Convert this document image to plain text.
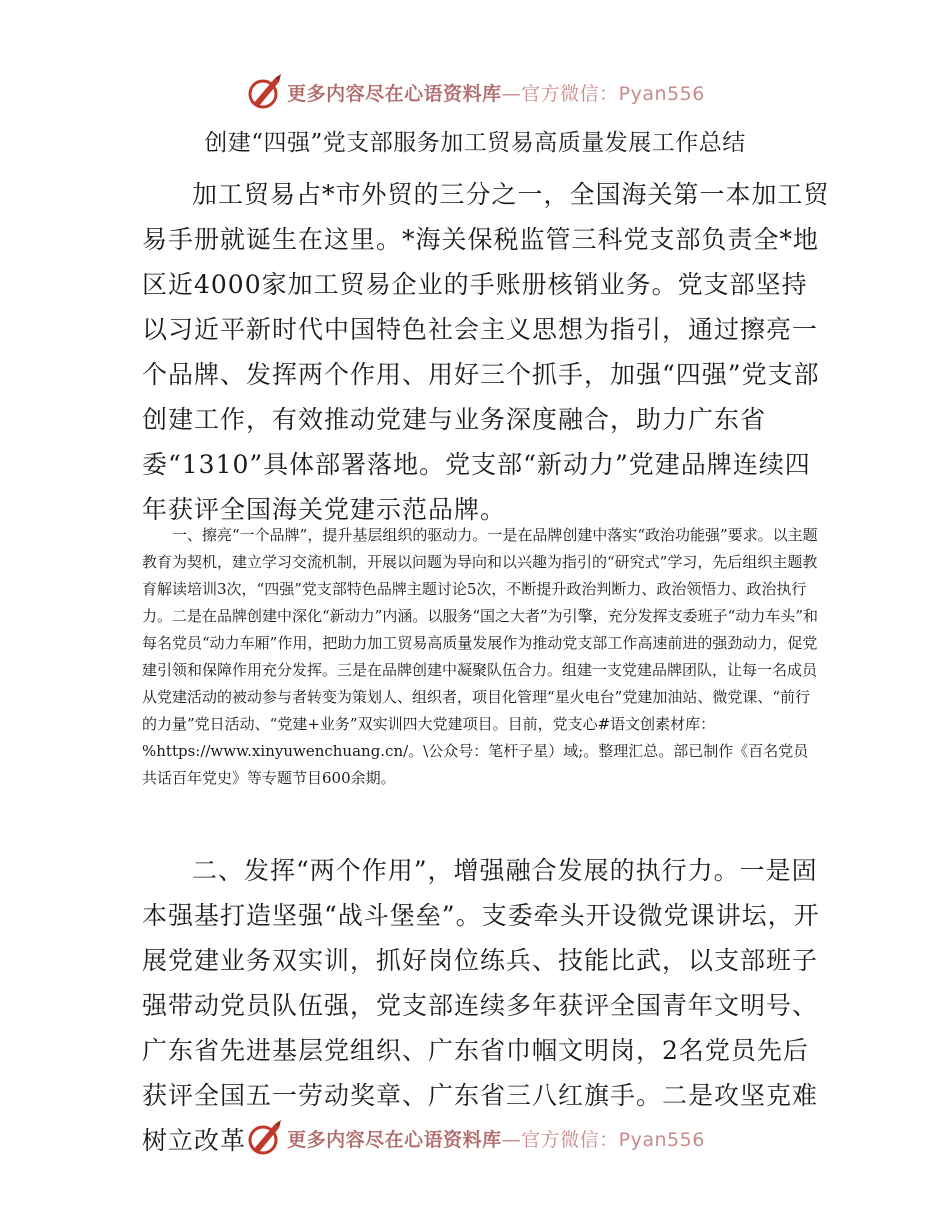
更多内容尽在心语资料库 —官方微信：Pyan556
创建“四强”党支部服务加工贸易高质量发展工作总结

加工贸易占*市外贸的三分之一，全国海关第一本加工贸易手册就诞生在这里。*海关保税监管三科党支部负责全*地区近4000家加工贸易企业的手账册核销业务。党支部坚持以习近平新时代中国特色社会主义思想为指引，通过擦亮一个品牌、发挥两个作用、用好三个抓手，加强“四强”党支部创建工作，有效推动党建与业务深度融合，助力广东省委“1310”具体部署落地。党支部“新动力”党建品牌连续四年获评全国海关党建示范品牌。

一、擦亮“一个品牌”，提升基层组织的驱动力。一是在品牌创建中落实“政治功能强”要求。以主题教育为契机，建立学习交流机制，开展以问题为导向和以兴趣为指引的“研究式”学习，先后组织主题教育解读培训3次，“四强”党支部特色品牌主题讨论5次，不断提升政治判断力、政治领悟力、政治执行力。二是在品牌创建中深化“新动力”内涵。以服务“国之大者”为引擎，充分发挥支委班子“动力车头”和每名党员“动力车厢”作用，把助力加工贸易高质量发展作为推动党支部工作高速前进的强劲动力，促党建引领和保障作用充分发挥。三是在品牌创建中凝聚队伍合力。组建一支党建品牌团队，让每一名成员从党建活动的被动参与者转变为策划人、组织者，项目化管理“星火电台”党建加油站、微党课、“前行的力量”党日活动、“党建+业务”双实训四大党建项目。目前，党支心#语文创素材库：%https://www.xinyuwenchuang.cn/。\公众号：笔杆子星）域;。整理汇总。部已制作《百名党员共话百年党史》等专题节目600余期。

二、发挥“两个作用”，增强融合发展的执行力。一是固本强基打造坚强“战斗堡垒”。支委牵头开设微党课讲坛，开展党建业务双实训，抓好岗位练兵、技能比武，以支部班子强带动党员队伍强，党支部连续多年获评全国青年文明号、广东省先进基层党组织、广东省巾帼文明岗，2名党员先后获评全国五一劳动奖章、广东省三八红旗手。二是攻坚克难树立改革	更多内容尽在心语资料库 —官方微信：Pyan556
